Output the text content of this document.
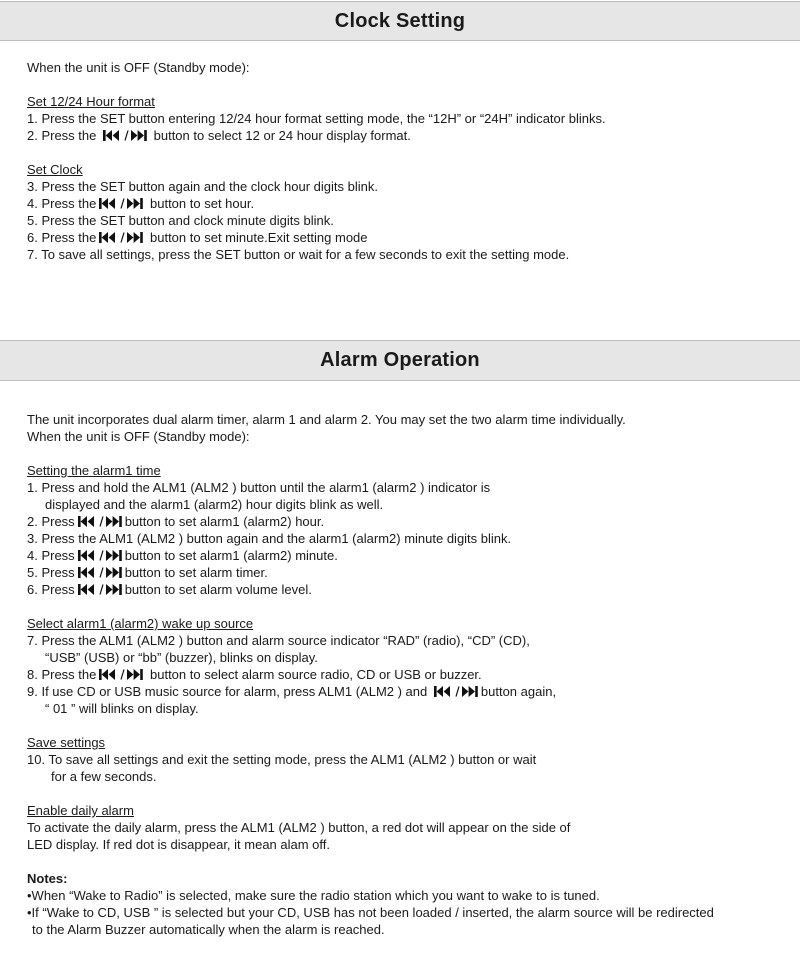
Clock Setting

When the unit is OFF (Standby mode):

Set 12/24 Hour format

1. Press the SET button entering 12/24 hour format setting mode, the “12H” or “24H” indicator blinks.

2. Press the	button to select 12 or 24 hour display format.

Set Clock

3. Press the SET button again and the clock hour digits blink.

4. Press the	button to set hour.

5. Press the SET button and clock minute digits blink.

6. Press the	button to set minute.Exit setting mode

7. To save all settings, press the SET button or wait for a few seconds to exit the setting mode.

Alarm Operation

The unit incorporates dual alarm timer, alarm 1 and alarm 2. You may set the two alarm time individually.

When the unit is OFF (Standby mode):

Setting the alarm1 time

1. Press and hold the ALM1 (ALM2 ) button until the alarm1 (alarm2 ) indicator is

displayed and the alarm1 (alarm2) hour digits blink as well.

2. Press	button to set alarm1 (alarm2) hour.

3. Press the ALM1 (ALM2 ) button again and the alarm1 (alarm2) minute digits blink.

4. Press	button to set alarm1 (alarm2) minute.

5. Press	button to set alarm timer.

6. Press	button to set alarm volume level.

Select alarm1 (alarm2) wake up source

7. Press the ALM1 (ALM2 ) button and alarm source indicator “RAD” (radio), “CD” (CD),

“USB” (USB) or “bb” (buzzer), blinks on display.

8. Press the	button to select alarm source radio, CD or USB or buzzer.

9. If use CD or USB music source for alarm, press ALM1 (ALM2 ) and	button again,

“ 01 ” will blinks on display.

Save settings

10. To save all settings and exit the setting mode, press the ALM1 (ALM2 ) button or wait

for a few seconds.

Enable daily alarm

To activate the daily alarm, press the ALM1 (ALM2 ) button, a red dot will appear on the side of

LED display. If red dot is disappear, it mean alam off.

Notes:

•When “Wake to Radio” is selected, make sure the radio station which you want to wake to is tuned.

•If “Wake to CD, USB ” is selected but your CD, USB has not been loaded / inserted, the alarm source will be redirected

to the Alarm Buzzer automatically when the alarm is reached.
